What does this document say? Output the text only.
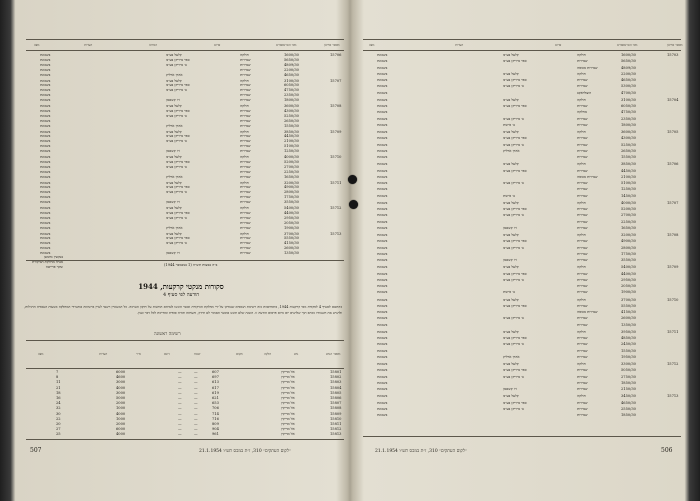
מספר אירגון
מס׳ הטרנספורט
פרוט
המרכז
הערות
מצב
15706
1600/30
חולקה
קלעל בע״מ
בשכונת
5650/30
שמירות
כפר מיריקן בע״מ
בשכונת
4809/30
שמירות
ב׳ מיריקן בע״מ
בשכונת
2200/30
שמירות
בשכונת
4650/30
שמירות
אהרן ארליק
בשכונת
15707
3100/30
חולקה
קלעל בע״מ
בשכונת
6050/30
שמירות
כפר מיריקן בע״מ
בשכונת
4750/30
שמירות
ב׳ מיריקן בע״מ
בשכונת
2350/30
שמירות
בשכונת
1800/30
שמירות
זיו קשטמן
בשכונת
15708
3600/30
חולקה
קלעל בע״מ
בשכונת
4300/30
שמירות
כפר מיריקן בע״מ
בשכונת
5250/30
שמירות
ב׳ מיריקן בע״מ
בשכונת
2650/30
שמירות
בשכונת
1550/30
שמירות
אהרן ארליק
בשכונת
15709
3850/30
חולקה
קלעל בע״מ
בשכונת
4450/30
שמירות
כפר מיריקן בע״מ
בשכונת
2100/30
שמירות
ב׳ מיריקן בע״מ
בשכונת
5100/30
שמירות
בשכונת
1250/30
שמירות
זיו קשטמן
בשכונת
15710
4000/30
חולקה
קלעל בע״מ
בשכונת
5200/30
שמירות
כפר מיריקן בע״מ
בשכונת
2700/30
שמירות
ב׳ מיריקן בע״מ
בשכונת
2250/30
שמירות
בשכונת
1650/30
שמירות
אהרן ארליק
בשכונת
15711
3200/30
חולקה
קלעל בע״מ
בשכונת
4900/30
שמירות
כפר מיריקן בע״מ
בשכונת
2800/30
שמירות
ב׳ מיריקן בע״מ
בשכונת
1750/30
שמירות
בשכונת
3550/30
שמירות
זיו קשטמן
בשכונת
15712
5400/30
חולקה
קלעל בע״מ
בשכונת
4400/30
שמירות
כפר מיריקן בע״מ
בשכונת
2950/30
שמירות
ב׳ מיריקן בע״מ
בשכונת
2050/30
שמירות
בשכונת
1900/30
שמירות
אהרן ארליק
בשכונת
15713
3700/30
חולקה
קלעל בע״מ
בשכונת
5550/30
שמירות
כפר מיריקן בע״מ
בשכונת
4150/30
שמירות
ב׳ מיריקן בע״מ
בשכונת
2600/30
שמירות
בשכונת
1350/30
שמירות
זיו קשטמן
בשכונת
ב״ה במצות תש״ה (1 בנובמבר 1944)
בנקשין מיטשן
מנהל מחלקת הביקורת
שקר פרייטה
סקורות מנקטי קרקעות, 1944
הודעה לפי סעיף 4
בהתאם לסעיף 4 לפקודת מסי קרקעות 1944, מתפרסמת בזה רשימת הנכסים שנבדקו על ידי מחלקת הביקורת ואשר הוגשו לגביהם הודעות על תיקון הערכה. כל המעוניין רשאי לעיין ברשימה במשרדי המחלקה בשעות העבודה הרגילות, ולהגיש את השגותיו בכתב תוך שלושים יום מיום פרסום הודעה זו. השגה שלא תוגש במועד האמור לא תידון, והערכה תהיה סופית ומחייבת לכל דבר וענין.
רשימה ראשונה
מספר הגוש
גוש
חלקה
מקום
שטח
דונם
מ״ר
הערות
מצב
15801
אל מריקין
607
—
—
6000
7
15802
אל מריקין
697
—
—
4600
8
15803
אל מריקין
613
—
—
3000
11
15804
אל מריקין
617
—
—
4000
21
15805
אל מריקין
619
—
—
3000
18
15806
אל מריקין
621
—
—
5000
16
15807
אל מריקין
653
—
—
2000
24
15808
אל מריקין
706
—
—
1000
32
15809
אל מריקין
714
—
—
4000
30
15810
אל מריקין
716
—
—
1000
22
15811
אל מריקין
809
—
—
2000
20
15812
אל מריקין
904
—
—
6000
27
15813
אל מריקין
961
—
—
4000
25
507	״לקום העתקים״ 310, ז״ת במכס תש״ו 21.1.1954
מספר אירגון
מס׳ הטרנספורט
פרוט
הערות
מצב
15703
1600/30
חולקה
קלעל בע״מ
בשכונת
5650/30
שמירות
כפר מיריקן בע״מ
בשכונת
4809/30
שמירות מכוסה
בשכונת
2200/30
חולקה
קלעל בע״מ
בשכונת
4650/30
שמירות
כפר מיריקן בע״מ
בשכונת
5300/30
שמירות
ב׳ מיריקן בע״מ
בשכונת
4700/30
הוצלדאקב
בשכונת
15704
3100/30
חולקה
קלעל בע״מ
בשכונת
6050/30
שמירות
כפר מיריקן בע״מ
בשכונת
4750/30
מחלקה
בשכונת
2350/30
שמירות
ב׳ מיריקן בע״מ
בשכונת
1800/30
שמירות
ב׳ סיונות
בשכונת
15705
3600/30
חולקה
קלעל בע״מ
בשכונת
4300/30
שמירות
כפר מיריקן בע״מ
בשכונת
5250/30
שמירות
ב׳ מיריקן בע״מ
בשכונת
2650/30
שמירות
אהרן ארליק
בשכונת
1550/30
שמירות
בשכונת
15706
3850/30
חולקה
קלעל בע״מ
בשכונת
4450/30
שמירות
כפר מיריקן בע״מ
בשכונת
2100/30
שמירות מכוסה
בשכונת
5100/30
שמירות
ב׳ מיריקן בע״מ
בשכונת
1250/30
שמירות
בשכונת
1450/30
שמירות
ב׳ סיונות
בשכונת
15707
4000/30
חולקה
קלעל בע״מ
בשכונת
5200/30
שמירות
כפר מיריקן בע״מ
בשכונת
2700/30
שמירות
ב׳ מיריקן בע״מ
בשכונת
2250/30
שמירות
בשכונת
1650/30
שמירות
זיו קשטמן
בשכונת
15708
3200/30
חולקה
קלעל בע״מ
בשכונת
4900/30
שמירות
כפר מיריקן בע״מ
בשכונת
2800/30
שמירות
ב׳ מיריקן בע״מ
בשכונת
1750/30
שמירות
בשכונת
3550/30
שמירות
זיו קשטמן
בשכונת
15709
5400/30
חולקה
קלעל בע״מ
בשכונת
4400/30
שמירות
כפר מיריקן בע״מ
בשכונת
2950/30
שמירות
ב׳ מיריקן בע״מ
בשכונת
2050/30
שמירות
בשכונת
1900/30
שמירות
ב׳ סיונות
בשכונת
15710
3700/30
חולקה
קלעל בע״מ
בשכונת
5550/30
שמירות
כפר מיריקן בע״מ
בשכונת
4150/30
שמירות מכוסה
בשכונת
2600/30
שמירות
ב׳ מיריקן בע״מ
בשכונת
1350/30
שמירות
בשכונת
15711
3950/30
חולקה
קלעל בע״מ
בשכונת
4850/30
שמירות
כפר מיריקן בע״מ
בשכונת
2450/30
שמירות
ב׳ מיריקן בע״מ
בשכונת
1550/30
שמירות
בשכונת
1950/30
שמירות
אהרן ארליק
בשכונת
15712
3300/30
חולקה
קלעל בע״מ
בשכונת
5050/30
שמירות
כפר מיריקן בע״מ
בשכונת
2750/30
שמירות
ב׳ מיריקן בע״מ
בשכונת
1850/30
שמירות
בשכונת
2150/30
שמירות
זיו קשטמן
בשכונת
15713
3450/30
חולקה
קלעל בע״מ
בשכונת
4650/30
שמירות
כפר מיריקן בע״מ
בשכונת
2550/30
שמירות
ב׳ מיריקן בע״מ
בשכונת
1850/30
שמירות
בשכונת
״לקום העתקים״ 310, ז״ת במכס תש״ו 21.1.1954	506
